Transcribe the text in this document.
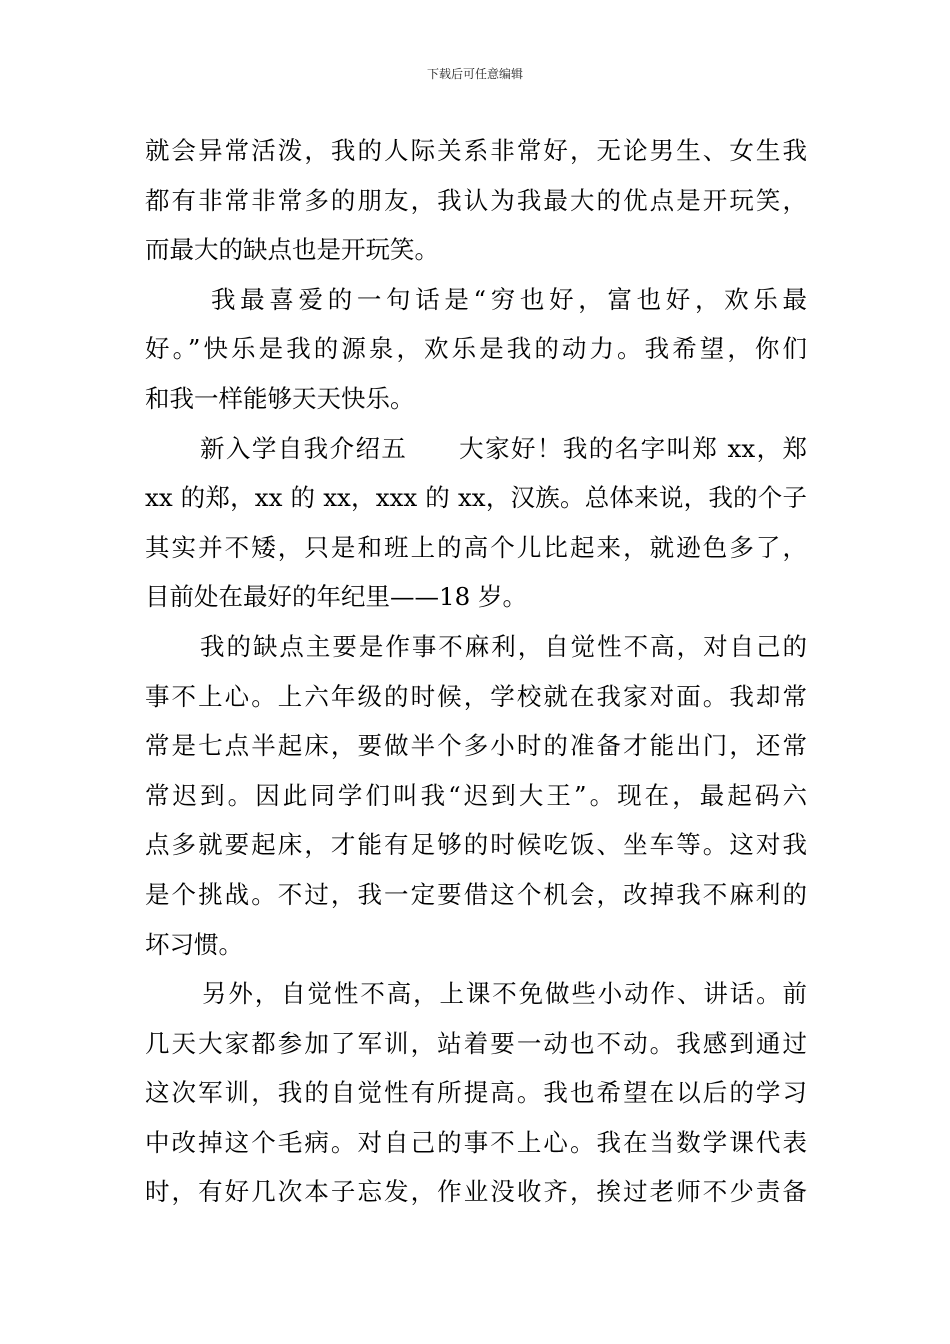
下载后可任意编辑
就会异常活泼，我的人际关系非常好，无论男生、女生我
都有非常非常多的朋友，我认为我最大的优点是开玩笑，
而最大的缺点也是开玩笑。
我最喜爱的一句话是“穷也好，富也好，欢乐最
好。”快乐是我的源泉，欢乐是我的动力。我希望，你们
和我一样能够天天快乐。
新入学自我介绍五　　大家好！我的名字叫郑 xx，郑
xx 的郑，xx 的 xx，xxx 的 xx，汉族。总体来说，我的个子
其实并不矮，只是和班上的高个儿比起来，就逊色多了，
目前处在最好的年纪里——18 岁。
我的缺点主要是作事不麻利，自觉性不高，对自己的
事不上心。上六年级的时候，学校就在我家对面。我却常
常是七点半起床，要做半个多小时的准备才能出门，还常
常迟到。因此同学们叫我“迟到大王”。现在，最起码六
点多就要起床，才能有足够的时候吃饭、坐车等。这对我
是个挑战。不过，我一定要借这个机会，改掉我不麻利的
坏习惯。
另外，自觉性不高，上课不免做些小动作、讲话。前
几天大家都参加了军训，站着要一动也不动。我感到通过
这次军训，我的自觉性有所提高。我也希望在以后的学习
中改掉这个毛病。对自己的事不上心。我在当数学课代表
时，有好几次本子忘发，作业没收齐，挨过老师不少责备
